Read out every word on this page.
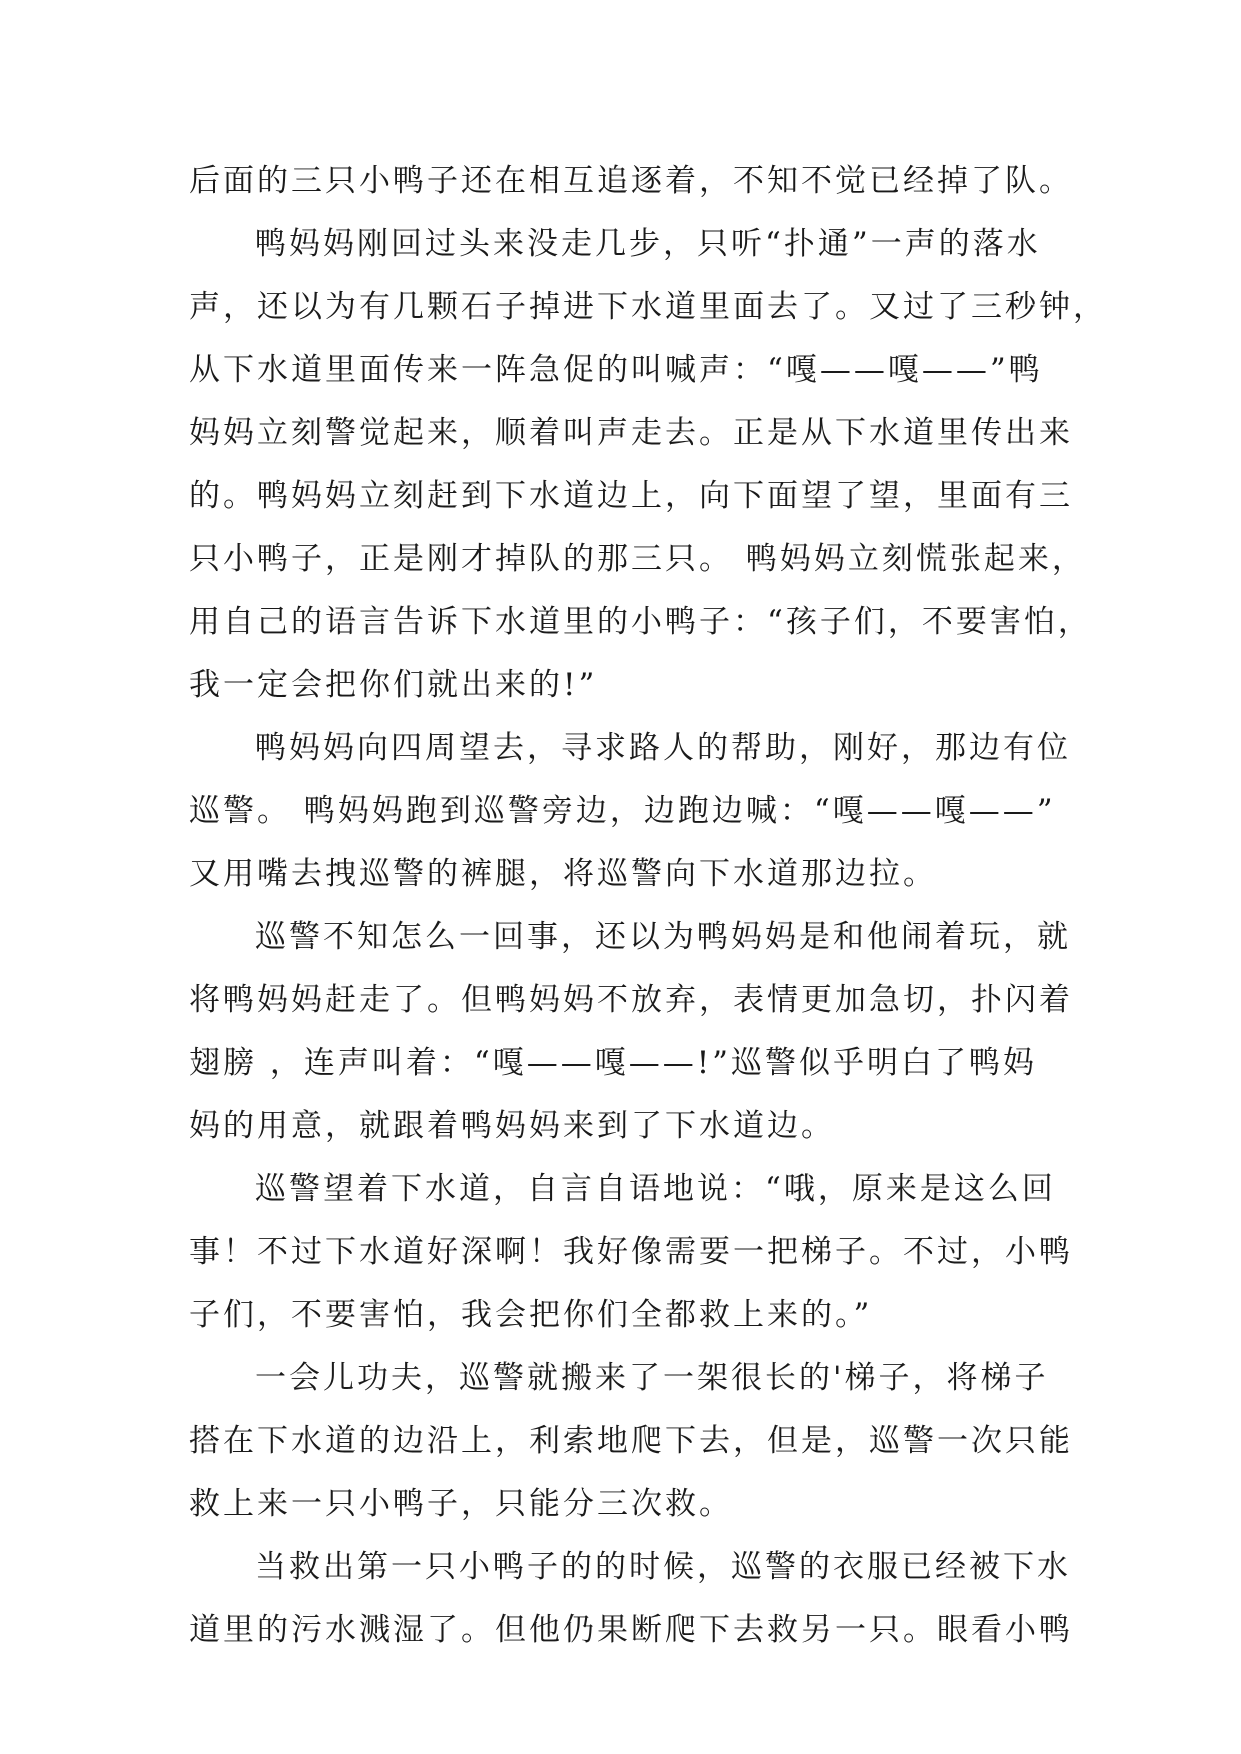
后面的三只小鸭子还在相互追逐着，不知不觉已经掉了队。
鸭妈妈刚回过头来没走几步，只听“扑通”一声的落水
声，还以为有几颗石子掉进下水道里面去了。又过了三秒钟，
从下水道里面传来一阵急促的叫喊声：“嘎——嘎——”鸭
妈妈立刻警觉起来，顺着叫声走去。正是从下水道里传出来
的。鸭妈妈立刻赶到下水道边上，向下面望了望，里面有三
只小鸭子，正是刚才掉队的那三只。 鸭妈妈立刻慌张起来，
用自己的语言告诉下水道里的小鸭子：“孩子们，不要害怕，
我一定会把你们就出来的!”
鸭妈妈向四周望去，寻求路人的帮助，刚好，那边有位
巡警。 鸭妈妈跑到巡警旁边，边跑边喊：“嘎——嘎——”
又用嘴去拽巡警的裤腿，将巡警向下水道那边拉。
巡警不知怎么一回事，还以为鸭妈妈是和他闹着玩，就
将鸭妈妈赶走了。但鸭妈妈不放弃，表情更加急切，扑闪着
翅膀 ，连声叫着：“嘎——嘎——!”巡警似乎明白了鸭妈
妈的用意，就跟着鸭妈妈来到了下水道边。
巡警望着下水道，自言自语地说：“哦，原来是这么回
事！不过下水道好深啊！我好像需要一把梯子。不过，小鸭
子们，不要害怕，我会把你们全都救上来的。”
一会儿功夫，巡警就搬来了一架很长的'梯子，将梯子
搭在下水道的边沿上，利索地爬下去，但是，巡警一次只能
救上来一只小鸭子，只能分三次救。
当救出第一只小鸭子的的时候，巡警的衣服已经被下水
道里的污水溅湿了。但他仍果断爬下去救另一只。眼看小鸭
